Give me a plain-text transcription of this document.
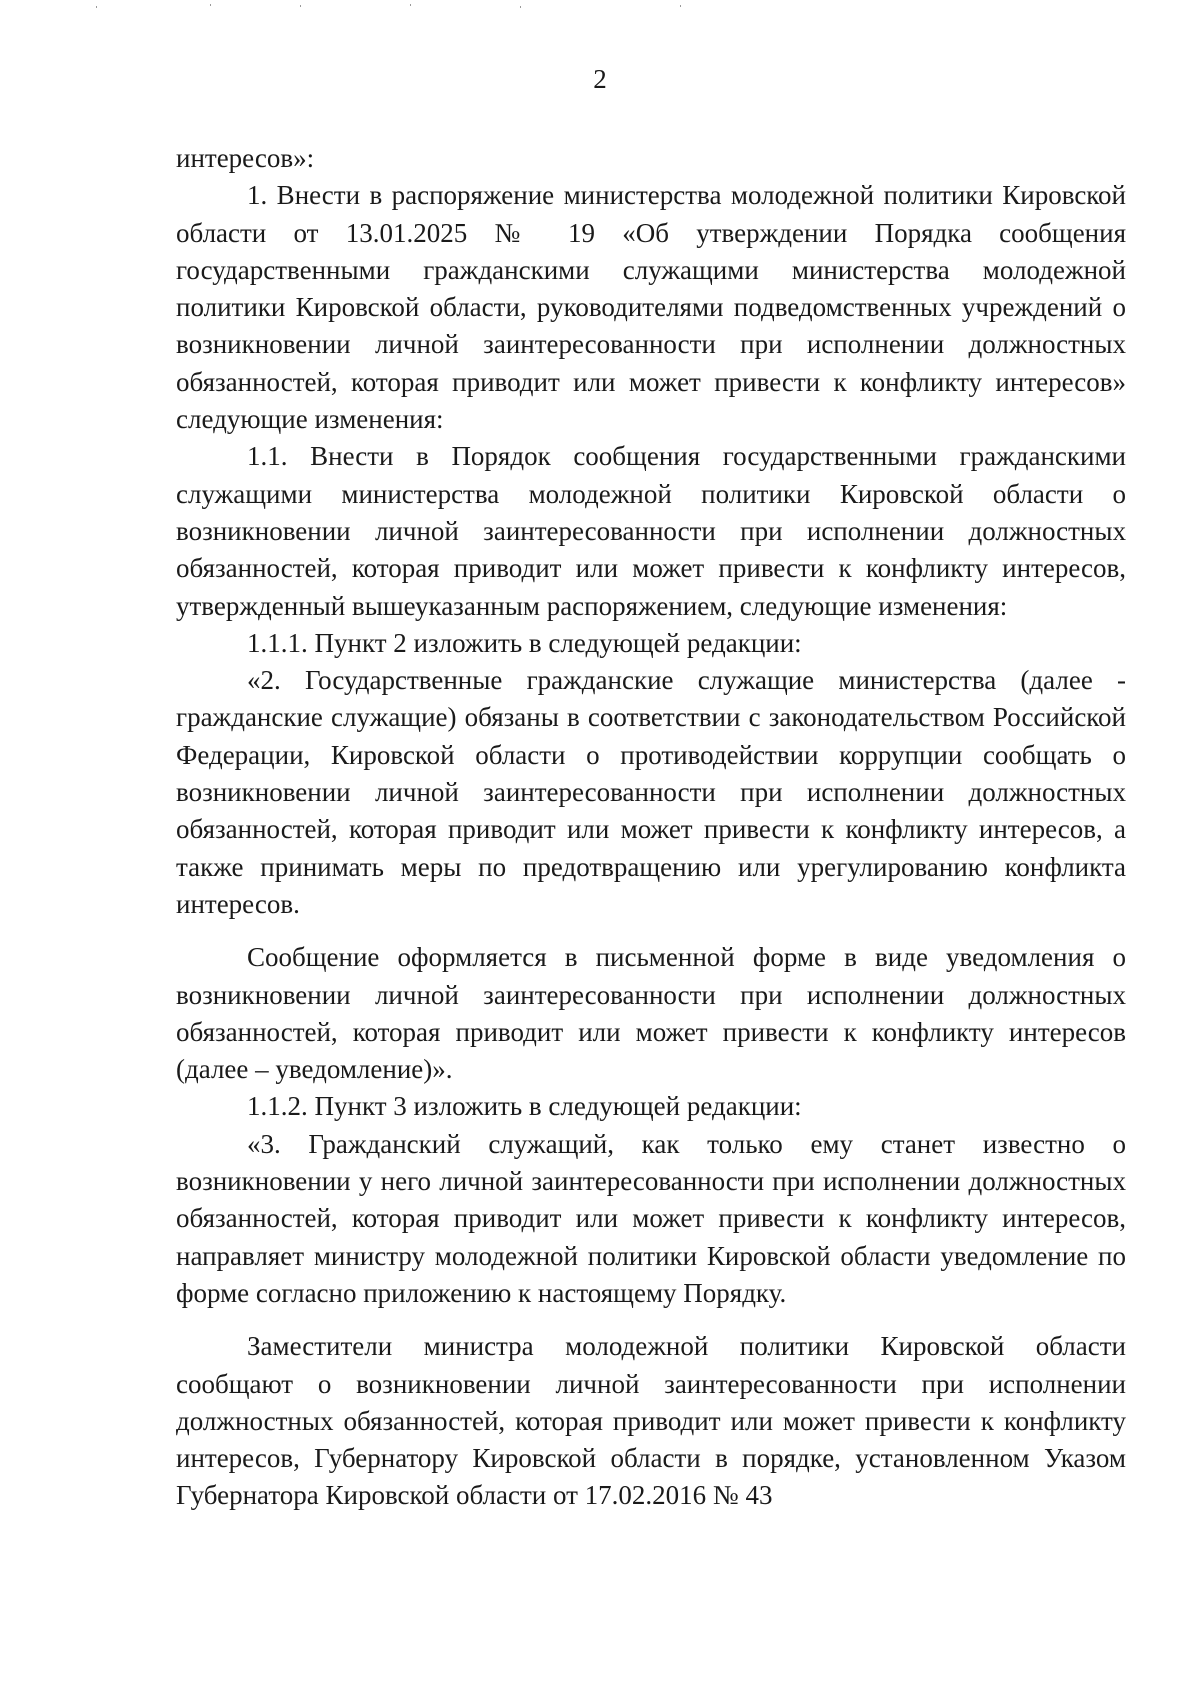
2

интересов»:

1. Внести в распоряжение министерства молодежной политики Кировской области от 13.01.2025 № 19 «Об утверждении Порядка сообщения государственными гражданскими служащими министерства молодежной политики Кировской области, руководителями подведомственных учреждений о возникновении личной заинтересованности при исполнении должностных обязанностей, которая приводит или может привести к конфликту интересов» следующие изменения:

1.1. Внести в Порядок сообщения государственными гражданскими служащими министерства молодежной политики Кировской области о возникновении личной заинтересованности при исполнении должностных обязанностей, которая приводит или может привести к конфликту интересов, утвержденный вышеуказанным распоряжением, следующие изменения:

1.1.1. Пункт 2 изложить в следующей редакции:

«2. Государственные гражданские служащие министерства (далее - гражданские служащие) обязаны в соответствии с законодательством Российской Федерации, Кировской области о противодействии коррупции сообщать о возникновении личной заинтересованности при исполнении должностных обязанностей, которая приводит или может привести к конфликту интересов, а также принимать меры по предотвращению или урегулированию конфликта интересов.

Сообщение оформляется в письменной форме в виде уведомления о возникновении личной заинтересованности при исполнении должностных обязанностей, которая приводит или может привести к конфликту интересов (далее – уведомление)».

1.1.2. Пункт 3 изложить в следующей редакции:

«3. Гражданский служащий, как только ему станет известно о возникновении у него личной заинтересованности при исполнении должностных обязанностей, которая приводит или может привести к конфликту интересов, направляет министру молодежной политики Кировской области уведомление по форме согласно приложению к настоящему Порядку.

Заместители министра молодежной политики Кировской области сообщают о возникновении личной заинтересованности при исполнении должностных обязанностей, которая приводит или может привести к конфликту интересов, Губернатору Кировской области в порядке, установленном Указом Губернатора Кировской области от 17.02.2016 № 43
